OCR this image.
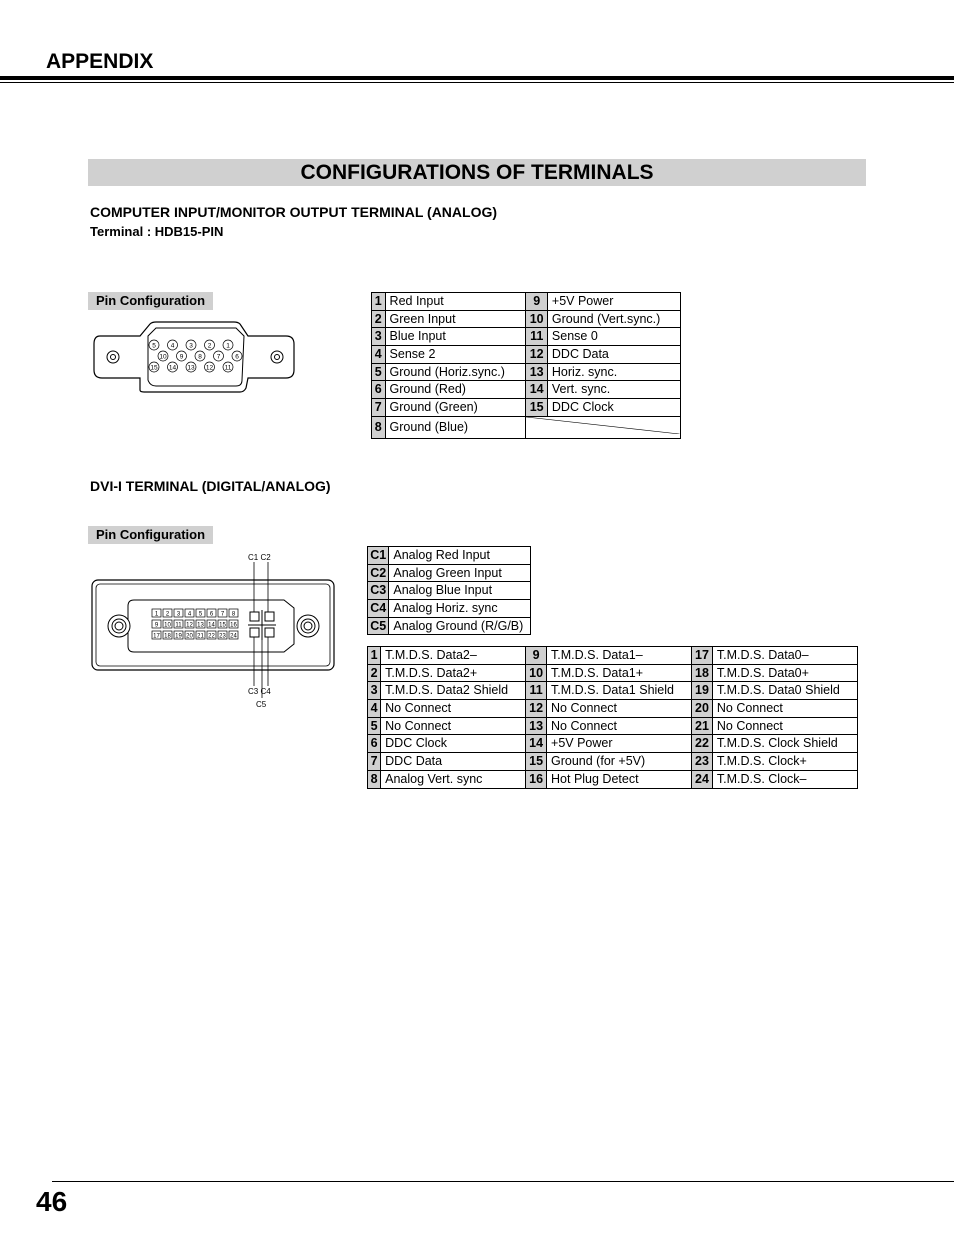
APPENDIX
CONFIGURATIONS OF TERMINALS
COMPUTER INPUT/MONITOR OUTPUT TERMINAL (ANALOG)
Terminal : HDB15-PIN
Pin Configuration
5 4 3 2 1
10 9 8 7 6
15 14 13 12 11
1	Red Input	9	+5V Power
2	Green Input	10	Ground (Vert.sync.)
3	Blue Input	11	Sense 0
4	Sense 2	12	DDC Data
5	Ground (Horiz.sync.)	13	Horiz. sync.
6	Ground (Red)	14	Vert. sync.
7	Ground (Green)	15	DDC Clock
8	Ground (Blue)	
DVI-I TERMINAL (DIGITAL/ANALOG)
Pin Configuration
C1 C2
C3 C4
C5
1 2 3 4 5 6 7 8
9 10 11 12 13 14 15 16
17 18 19 20 21 22 23 24
C1	Analog Red Input
C2	Analog Green Input
C3	Analog Blue Input
C4	Analog Horiz. sync
C5	Analog Ground (R/G/B)
1	T.M.D.S. Data2–	9	T.M.D.S. Data1–	17	T.M.D.S. Data0–
2	T.M.D.S. Data2+	10	T.M.D.S. Data1+	18	T.M.D.S. Data0+
3	T.M.D.S. Data2 Shield	11	T.M.D.S. Data1 Shield	19	T.M.D.S. Data0 Shield
4	No Connect	12	No Connect	20	No Connect
5	No Connect	13	No Connect	21	No Connect
6	DDC Clock	14	+5V Power	22	T.M.D.S. Clock Shield
7	DDC Data	15	Ground (for +5V)	23	T.M.D.S. Clock+
8	Analog Vert. sync	16	Hot Plug Detect	24	T.M.D.S. Clock–
46
